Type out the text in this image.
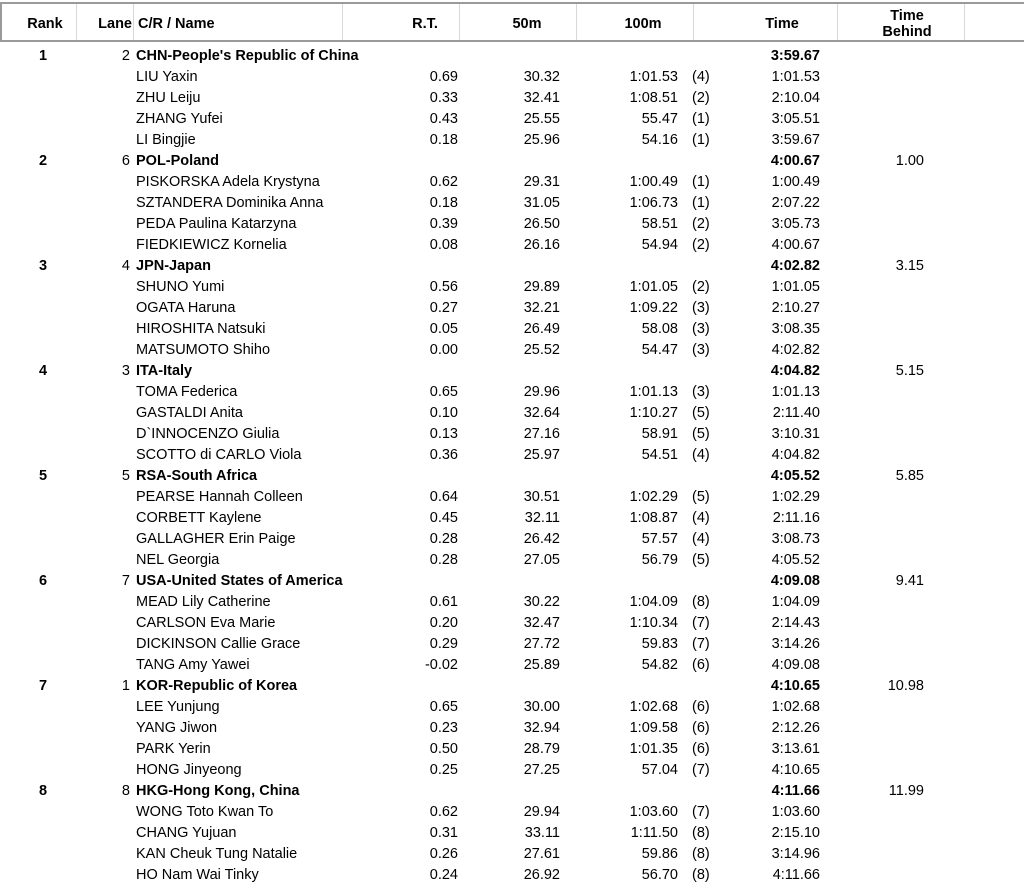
Rank	Lane C/R / Name	R.T.	50m	100m	Time	Time
Behind
1	2 CHN-People's Republic of China	3:59.67
LIU Yaxin	0.69	30.32	1:01.53 (4)	1:01.53
ZHU Leiju	0.33	32.41	1:08.51 (2)	2:10.04
ZHANG Yufei	0.43	25.55	55.47 (1)	3:05.51
LI Bingjie	0.18	25.96	54.16 (1)	3:59.67
2	6 POL-Poland	4:00.67	1.00
PISKORSKA Adela Krystyna	0.62	29.31	1:00.49 (1)	1:00.49
SZTANDERA Dominika Anna	0.18	31.05	1:06.73 (1)	2:07.22
PEDA Paulina Katarzyna	0.39	26.50	58.51 (2)	3:05.73
FIEDKIEWICZ Kornelia	0.08	26.16	54.94 (2)	4:00.67
3	4 JPN-Japan	4:02.82	3.15
SHUNO Yumi	0.56	29.89	1:01.05 (2)	1:01.05
OGATA Haruna	0.27	32.21	1:09.22 (3)	2:10.27
HIROSHITA Natsuki	0.05	26.49	58.08 (3)	3:08.35
MATSUMOTO Shiho	0.00	25.52	54.47 (3)	4:02.82
4	3 ITA-Italy	4:04.82	5.15
TOMA Federica	0.65	29.96	1:01.13 (3)	1:01.13
GASTALDI Anita	0.10	32.64	1:10.27 (5)	2:11.40
D`INNOCENZO Giulia	0.13	27.16	58.91 (5)	3:10.31
SCOTTO di CARLO Viola	0.36	25.97	54.51 (4)	4:04.82
5	5 RSA-South Africa	4:05.52	5.85
PEARSE Hannah Colleen	0.64	30.51	1:02.29 (5)	1:02.29
CORBETT Kaylene	0.45	32.11	1:08.87 (4)	2:11.16
GALLAGHER Erin Paige	0.28	26.42	57.57 (4)	3:08.73
NEL Georgia	0.28	27.05	56.79 (5)	4:05.52
6	7 USA-United States of America	4:09.08	9.41
MEAD Lily Catherine	0.61	30.22	1:04.09 (8)	1:04.09
CARLSON Eva Marie	0.20	32.47	1:10.34 (7)	2:14.43
DICKINSON Callie Grace	0.29	27.72	59.83 (7)	3:14.26
TANG Amy Yawei	-0.02	25.89	54.82 (6)	4:09.08
7	1 KOR-Republic of Korea	4:10.65	10.98
LEE Yunjung	0.65	30.00	1:02.68 (6)	1:02.68
YANG Jiwon	0.23	32.94	1:09.58 (6)	2:12.26
PARK Yerin	0.50	28.79	1:01.35 (6)	3:13.61
HONG Jinyeong	0.25	27.25	57.04 (7)	4:10.65
8	8 HKG-Hong Kong, China	4:11.66	11.99
WONG Toto Kwan To	0.62	29.94	1:03.60 (7)	1:03.60
CHANG Yujuan	0.31	33.11	1:11.50 (8)	2:15.10
KAN Cheuk Tung Natalie	0.26	27.61	59.86 (8)	3:14.96
HO Nam Wai Tinky	0.24	26.92	56.70 (8)	4:11.66
